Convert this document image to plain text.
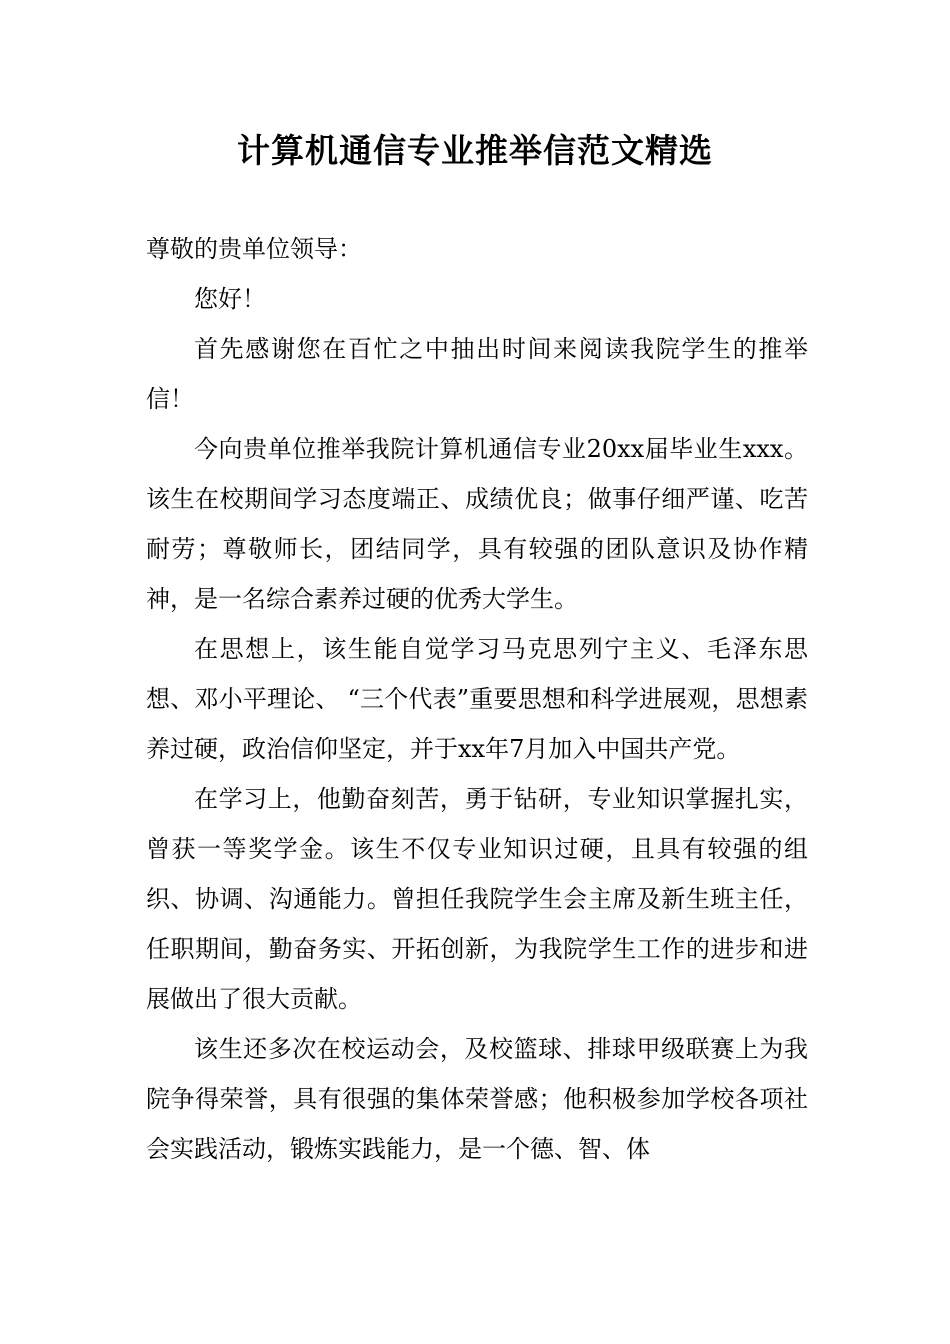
计算机通信专业推举信范文精选

尊敬的贵单位领导：

您好！

首先感谢您在百忙之中抽出时间来阅读我院学生的推举信！

今向贵单位推举我院计算机通信专业20xx届毕业生xxx。该生在校期间学习态度端正、成绩优良；做事仔细严谨、吃苦耐劳；尊敬师长，团结同学，具有较强的团队意识及协作精神，是一名综合素养过硬的优秀大学生。

在思想上，该生能自觉学习马克思列宁主义、毛泽东思想、邓小平理论、 “三个代表”重要思想和科学进展观，思想素养过硬，政治信仰坚定，并于xx年7月加入中国共产党。

在学习上，他勤奋刻苦，勇于钻研，专业知识掌握扎实，曾获一等奖学金。该生不仅专业知识过硬，且具有较强的组织、协调、沟通能力。曾担任我院学生会主席及新生班主任，任职期间，勤奋务实、开拓创新，为我院学生工作的进步和进展做出了很大贡献。

该生还多次在校运动会，及校篮球、排球甲级联赛上为我院争得荣誉，具有很强的集体荣誉感；他积极参加学校各项社会实践活动，锻炼实践能力，是一个德、智、体
